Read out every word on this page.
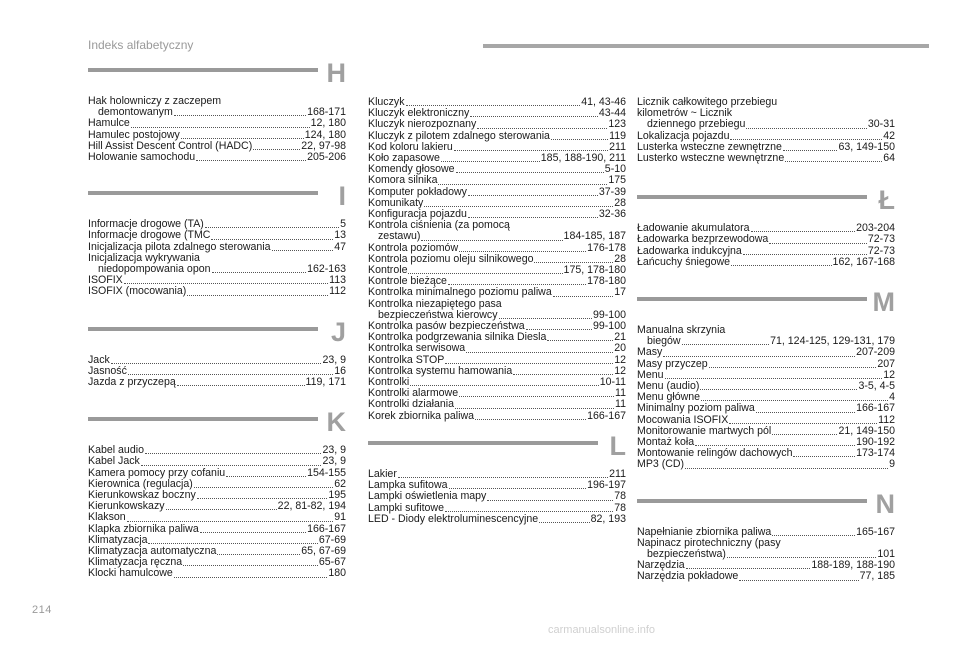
Indeks alfabetyczny
H
Hak holowniczy z zaczepem
demontowanym	168-171
Hamulce	12, 180
Hamulec postojowy	124, 180
Hill Assist Descent Control (HADC)	22, 97-98
Holowanie samochodu	205-206
I
Informacje drogowe (TA)	5
Informacje drogowe (TMC	13
Inicjalizacja pilota zdalnego sterowania	47
Inicjalizacja wykrywania
niedopompowania opon	162-163
ISOFIX	113
ISOFIX (mocowania)	112
J
Jack	23, 9
Jasność	16
Jazda z przyczepą	119, 171
K
Kabel audio	23, 9
Kabel Jack	23, 9
Kamera pomocy przy cofaniu	154-155
Kierownica (regulacja)	62
Kierunkowskaz boczny	195
Kierunkowskazy	22, 81-82, 194
Klakson	91
Klapka zbiornika paliwa	166-167
Klimatyzacja	67-69
Klimatyzacja automatyczna	65, 67-69
Klimatyzacja ręczna	65-67
Klocki hamulcowe	180
Kluczyk	41, 43-46
Kluczyk elektroniczny	43-44
Kluczyk nierozpoznany	123
Kluczyk z pilotem zdalnego sterowania	119
Kod koloru lakieru	211
Koło zapasowe	185, 188-190, 211
Komendy głosowe	5-10
Komora silnika	175
Komputer pokładowy	37-39
Komunikaty	28
Konfiguracja pojazdu	32-36
Kontrola ciśnienia (za pomocą
zestawu)	184-185, 187
Kontrola poziomów	176-178
Kontrola poziomu oleju silnikowego	28
Kontrole	175, 178-180
Kontrole bieżące	178-180
Kontrolka minimalnego poziomu paliwa	17
Kontrolka niezapiętego pasa
bezpieczeństwa kierowcy	99-100
Kontrolka pasów bezpieczeństwa	99-100
Kontrolka podgrzewania silnika Diesla	21
Kontrolka serwisowa	20
Kontrolka STOP	12
Kontrolka systemu hamowania	12
Kontrolki	10-11
Kontrolki alarmowe	11
Kontrolki działania	11
Korek zbiornika paliwa	166-167
L
Lakier	211
Lampka sufitowa	196-197
Lampki oświetlenia mapy	78
Lampki sufitowe	78
LED - Diody elektroluminescencyjne	82, 193
Licznik całkowitego przebiegu
kilometrów ~ Licznik
dziennego przebiegu	30-31
Lokalizacja pojazdu	42
Lusterka wsteczne zewnętrzne	63, 149-150
Lusterko wsteczne wewnętrzne	64
Ł
Ładowanie akumulatora	203-204
Ładowarka bezprzewodowa	72-73
Ładowarka indukcyjna	72-73
Łańcuchy śniegowe	162, 167-168
M
Manualna skrzynia
biegów	71, 124-125, 129-131, 179
Masy	207-209
Masy przyczep	207
Menu	12
Menu (audio)	3-5, 4-5
Menu główne	4
Minimalny poziom paliwa	166-167
Mocowania ISOFIX	112
Monitorowanie martwych pól	21, 149-150
Montaż koła	190-192
Montowanie relingów dachowych	173-174
MP3 (CD)	9
N
Napełnianie zbiornika paliwa	165-167
Napinacz pirotechniczny (pasy
bezpieczeństwa)	101
Narzędzia	188-189, 188-190
Narzędzia pokładowe	77, 185
214
carmanualsonline.info
